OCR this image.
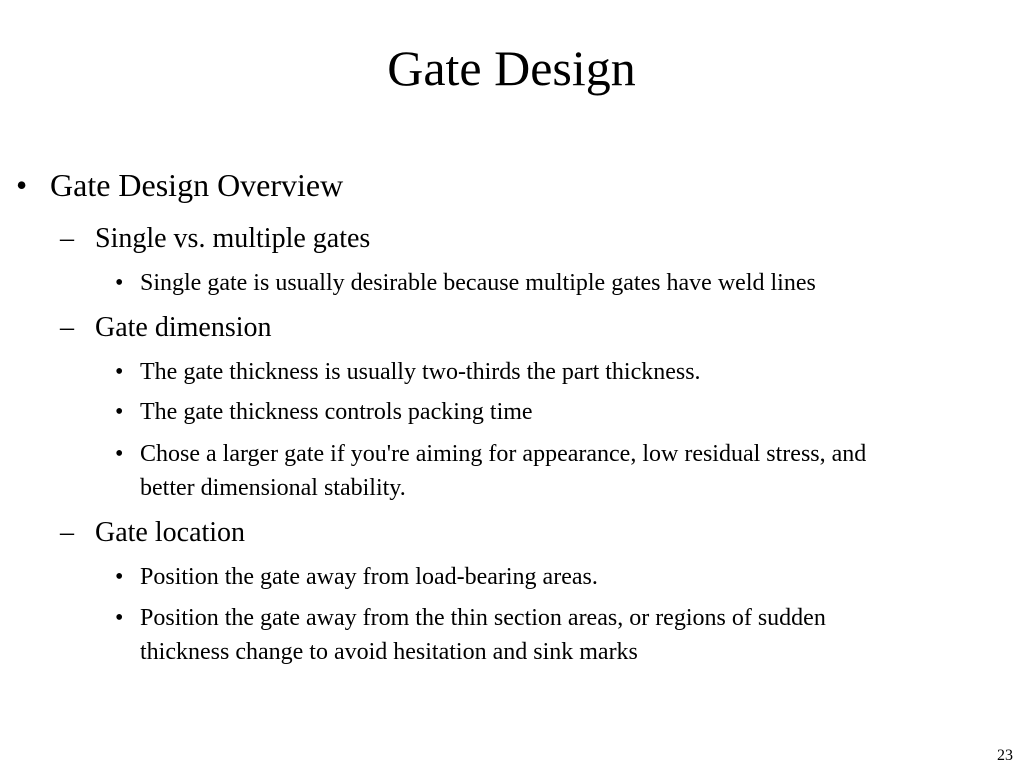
Gate Design
• Gate Design Overview
– Single vs. multiple gates
• Single gate is usually desirable because multiple gates have weld lines
– Gate dimension
• The gate thickness is usually two-thirds the part thickness.
• The gate thickness controls packing time
• Chose a larger gate if you're aiming for appearance, low residual stress, and
better dimensional stability.
– Gate location
• Position the gate away from load-bearing areas.
• Position the gate away from the thin section areas, or regions of sudden
thickness change to avoid hesitation and sink marks
23
